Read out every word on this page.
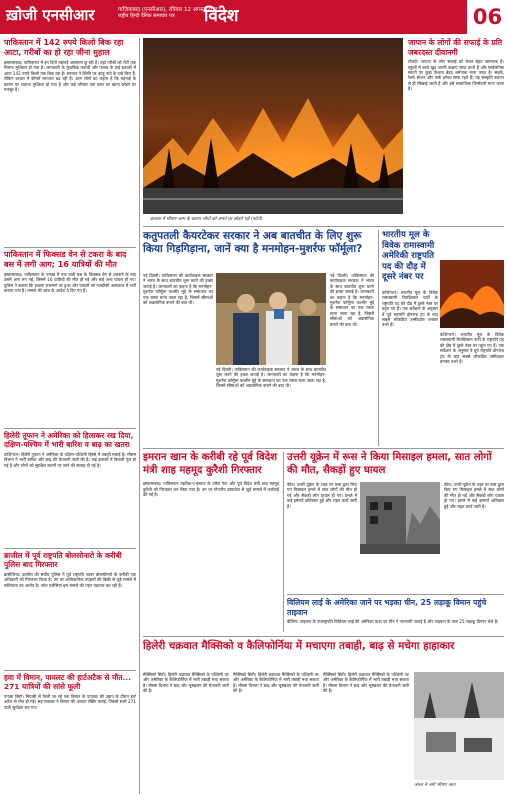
ख़ोजी एनसीआर	गाज़ियाबाद (एनसीआर), रविवार 12 अगस्त 2023
राष्ट्रीय हिन्दी दैनिक समाचार पत्र विदेश	06
पाकिस्तान में 142 रुपये किलो बिक रहा आटा, गरीबों का हो रहा जीना मुहाल
इस्लामाबाद। पाकिस्तान में इन दिनों महंगाई आसमान छू रही है। यहां गरीबों को रोटी तक मिलना मुश्किल हो गया है। जानकारी के मुताबिक कराची और पंजाब के कई इलाकों में आटा 142 रुपये किलो तक बिक रहा है। सरकार ने स्थिति पर काबू पाने के दावे किए हैं, लेकिन बाजार में कीमतें लगातार बढ़ रही हैं। आम लोगों का कहना है कि महंगाई के कारण घर चलाना मुश्किल हो गया है और कई परिवार एक वक्त का खाना छोड़ने पर मजबूर हैं।
पाकिस्तान में फिक्सड वेन से टकरा के बाद बस में लगी आग; 16 यात्रियों की मौत
इस्लामाबाद। पाकिस्तान के पंजाब में एक यात्री बस के फिक्सड वेन से टकराने के बाद उसमें आग लग गई, जिसमें 16 यात्रियों की मौत हो गई और कई अन्य घायल हो गए। पुलिस ने बताया कि हादसा राजमार्ग पर हुआ और घायलों को नजदीकी अस्पताल में भर्ती कराया गया है। मामले की जांच के आदेश दे दिए गए हैं।
हिलेरी तूफान ने अमेरिका को हिलाकर रख दिया, दक्षिण-पश्चिम में भारी बारिश व बाढ़ का खतरा
वाशिंगटन। हिलेरी तूफान ने अमेरिका के दक्षिण-पश्चिमी हिस्से में तबाही मचाई है। मौसम विभाग ने भारी बारिश और बाढ़ की चेतावनी जारी की है। कई इलाकों में बिजली गुल हो गई है और लोगों को सुरक्षित स्थानों पर जाने की सलाह दी गई है।
ब्राजील में पूर्व राष्ट्रपति बोलसोनारो के करीबी पुलिस बाद गिरफ्तार
ब्रासीलिया। ब्राजील की संघीय पुलिस ने पूर्व राष्ट्रपति जायर बोलसोनारो के करीबी एक अधिकारी को गिरफ्तार किया है। उन पर आधिकारिक उपहारों की बिक्री से जुड़े मामले में संलिप्तता का आरोप है। जांच एजेंसियां इस मामले की गहन पड़ताल कर रही हैं।
हवा में विमान, पायलट की हार्टअटैक से मौत... 271 यात्रियों की सांसे फूली
पनामा सिटी। मियामी से चिली जा रहे एक विमान के पायलट की उड़ान के दौरान हार्ट अटैक से मौत हो गई। सह-पायलट ने विमान की आपात लैंडिंग कराई, जिससे सभी 271 यात्री सुरक्षित बच गए।
कनाडा में भीषण आग के कारण लोगों को अपने घर छोड़ने पड़े (फोटो)
जापान के लोगों की सफाई के प्रति जबरदस्त दीवानगी
टोक्यो। जापान के लोग सफाई को लेकर बेहद जागरूक हैं। स्कूलों में बच्चे खुद अपनी कक्षाएं साफ करते हैं और सार्वजनिक स्थानों पर कूड़ा फेंकना बेहद शर्मनाक माना जाता है। सड़कें, रेलवे स्टेशन और पार्क हमेशा साफ रहते हैं। यह संस्कृति बचपन से ही सिखाई जाती है और इसे सामाजिक जिम्मेदारी माना जाता है।
कतुपतली कैयरटेकर सरकार ने अब बातचीत के लिए शुरू किया गिड़गिड़ाना, जानें क्या है मनमोहन-मुशर्रफ फॉर्मूला?
नई दिल्ली। पाकिस्तान की कार्यवाहक सरकार ने भारत के साथ बातचीत शुरू करने की इच्छा जताई है। जानकारों का कहना है कि मनमोहन-मुशर्रफ फॉर्मूला कश्मीर मुद्दे के समाधान का एक रास्ता माना जाता रहा है, जिसमें सीमाओं को अप्रासंगिक बनाने की बात थी।
नई दिल्ली। पाकिस्तान की कार्यवाहक सरकार ने भारत के साथ बातचीत शुरू करने की इच्छा जताई है। जानकारों का कहना है कि मनमोहन-मुशर्रफ फॉर्मूला कश्मीर मुद्दे के समाधान का एक रास्ता माना जाता रहा है, जिसमें सीमाओं को अप्रासंगिक बनाने की बात थी।
नई दिल्ली। पाकिस्तान की कार्यवाहक सरकार ने भारत के साथ बातचीत शुरू करने की इच्छा जताई है। जानकारों का कहना है कि मनमोहन-मुशर्रफ फॉर्मूला कश्मीर मुद्दे के समाधान का एक रास्ता माना जाता रहा है, जिसमें सीमाओं को अप्रासंगिक बनाने की बात थी।
भारतीय मूल के विवेक रामास्वामी अमेरिकी राष्ट्रपति पद की दौड़ में दूसरे नंबर पर
वाशिंगटन। भारतीय मूल के विवेक रामास्वामी रिपब्लिकन पार्टी के राष्ट्रपति पद की दौड़ में दूसरे नंबर पर पहुंच गए हैं। एक सर्वेक्षण के अनुसार वे पूर्व राष्ट्रपति डोनाल्ड ट्रंप के बाद सबसे लोकप्रिय उम्मीदवार बनकर उभरे हैं।
वाशिंगटन। भारतीय मूल के विवेक रामास्वामी रिपब्लिकन पार्टी के राष्ट्रपति पद की दौड़ में दूसरे नंबर पर पहुंच गए हैं। एक सर्वेक्षण के अनुसार वे पूर्व राष्ट्रपति डोनाल्ड ट्रंप के बाद सबसे लोकप्रिय उम्मीदवार बनकर उभरे हैं।
इमरान खान के करीबी रहे पूर्व विदेश मंत्री शाह महमूद कुरैशी गिरफ्तार
इस्लामाबाद। पाकिस्तान तहरीक-ए-इंसाफ के वरिष्ठ नेता और पूर्व विदेश मंत्री शाह महमूद कुरैशी को गिरफ्तार कर लिया गया है। उन पर गोपनीय दस्तावेज से जुड़े मामले में कार्रवाई की गई है।
उत्तरी यूक्रेन में रूस ने किया मिसाइल हमला, सात लोगों की मौत, सैकड़ों हुए घायल
कीव। उत्तरी यूक्रेन के शहर पर रूस द्वारा किए गए मिसाइल हमले में सात लोगों की मौत हो गई और सैकड़ों लोग घायल हो गए। हमले में कई इमारतें क्षतिग्रस्त हुईं और राहत कार्य जारी है।
कीव। उत्तरी यूक्रेन के शहर पर रूस द्वारा किए गए मिसाइल हमले में सात लोगों की मौत हो गई और सैकड़ों लोग घायल हो गए। हमले में कई इमारतें क्षतिग्रस्त हुईं और राहत कार्य जारी है।
विलियम लाई के अमेरिका जाने पर भड़का चीन, 25 लड़ाकू विमान पहुंचे ताइवान
बीजिंग। ताइवान के उपराष्ट्रपति विलियम लाई की अमेरिका यात्रा पर चीन ने नाराजगी जताई है और ताइवान के पास 25 लड़ाकू विमान भेजे हैं।
हिलेरी चक्रवात मैक्सिको व कैलिफोर्निया में मचाएगा तबाही, बाढ़ से मचेगा हाहाकार
मैक्सिको सिटी। हिलेरी चक्रवात मैक्सिको के पश्चिमी तट और अमेरिका के कैलिफोर्निया में भारी तबाही मचा सकता है। मौसम विभाग ने बाढ़ और भूस्खलन की चेतावनी जारी की है।
मैक्सिको सिटी। हिलेरी चक्रवात मैक्सिको के पश्चिमी तट और अमेरिका के कैलिफोर्निया में भारी तबाही मचा सकता है। मौसम विभाग ने बाढ़ और भूस्खलन की चेतावनी जारी की है।
मैक्सिको सिटी। हिलेरी चक्रवात मैक्सिको के पश्चिमी तट और अमेरिका के कैलिफोर्निया में भारी तबाही मचा सकता है। मौसम विभाग ने बाढ़ और भूस्खलन की चेतावनी जारी की है।
जंगल में लगी भीषण आग
